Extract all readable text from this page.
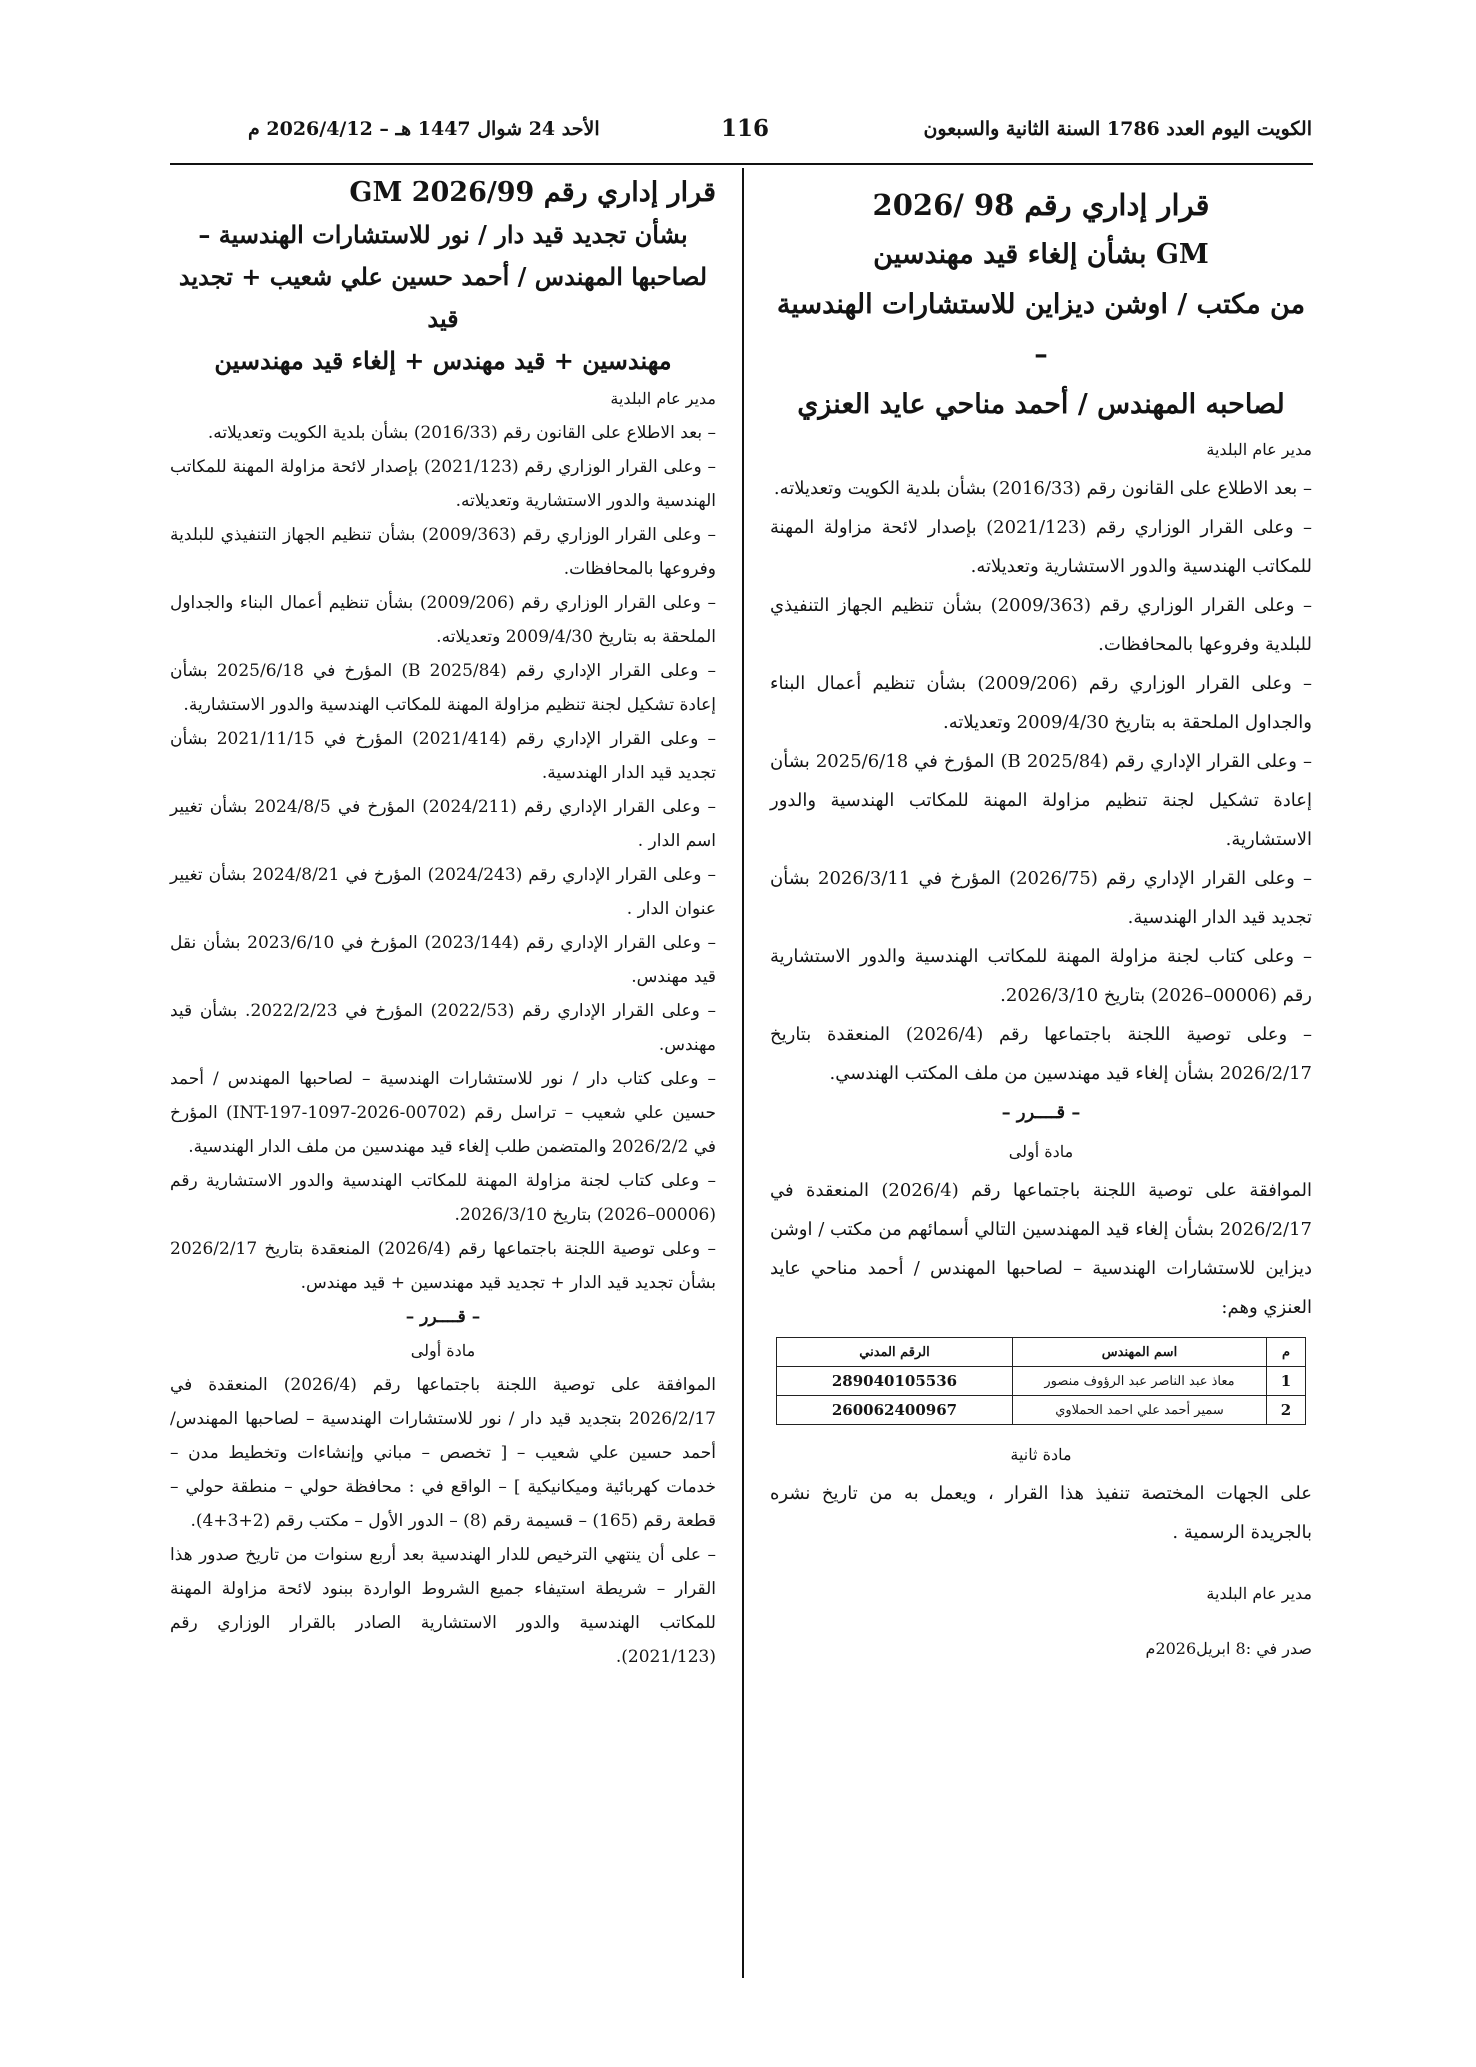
الكويت اليوم العدد 1786 السنة الثانية والسبعون
116
الأحد 24 شوال 1447 هـ – 2026/4/12 م
قرار إداري رقم 98 /2026
GM بشأن إلغاء قيد مهندسين
من مكتب / اوشن ديزاين للاستشارات الهندسية –
لصاحبه المهندس / أحمد مناحي عايد العنزي

مدير عام البلدية

– بعد الاطلاع على القانون رقم (2016/33) بشأن بلدية الكويت وتعديلاته.

– وعلى القرار الوزاري رقم (2021/123) بإصدار لائحة مزاولة المهنة للمكاتب الهندسية والدور الاستشارية وتعديلاته.

– وعلى القرار الوزاري رقم (2009/363) بشأن تنظيم الجهاز التنفيذي للبلدية وفروعها بالمحافظات.

– وعلى القرار الوزاري رقم (2009/206) بشأن تنظيم أعمال البناء والجداول الملحقة به بتاريخ 2009/4/30 وتعديلاته.

– وعلى القرار الإداري رقم (B 2025/84) المؤرخ في 2025/6/18 بشأن إعادة تشكيل لجنة تنظيم مزاولة المهنة للمكاتب الهندسية والدور الاستشارية.

– وعلى القرار الإداري رقم (2026/75) المؤرخ في 2026/3/11 بشأن تجديد قيد الدار الهندسية.

– وعلى كتاب لجنة مزاولة المهنة للمكاتب الهندسية والدور الاستشارية رقم (00006–2026) بتاريخ 2026/3/10.

– وعلى توصية اللجنة باجتماعها رقم (2026/4) المنعقدة بتاريخ 2026/2/17 بشأن إلغاء قيد مهندسين من ملف المكتب الهندسي.

– قــــرر –

مادة أولى

الموافقة على توصية اللجنة باجتماعها رقم (2026/4) المنعقدة في 2026/2/17 بشأن إلغاء قيد المهندسين التالي أسمائهم من مكتب / اوشن ديزاين للاستشارات الهندسية – لصاحبها المهندس / أحمد مناحي عايد العنزي وهم:

م	اسم المهندس	الرقم المدني
1	معاذ عبد الناصر عبد الرؤوف منصور	289040105536
2	سمير أحمد علي احمد الحملاوي	260062400967

مادة ثانية

على الجهات المختصة تنفيذ هذا القرار ، ويعمل به من تاريخ نشره بالجريدة الرسمية .

مدير عام البلدية

صدر في :8 ابريل2026م

قرار إداري رقم GM 2026/99
بشأن تجديد قيد دار / نور للاستشارات الهندسية –
لصاحبها المهندس / أحمد حسين علي شعيب + تجديد قيد
مهندسين + قيد مهندس + إلغاء قيد مهندسين

مدير عام البلدية

– بعد الاطلاع على القانون رقم (2016/33) بشأن بلدية الكويت وتعديلاته.

– وعلى القرار الوزاري رقم (2021/123) بإصدار لائحة مزاولة المهنة للمكاتب الهندسية والدور الاستشارية وتعديلاته.

– وعلى القرار الوزاري رقم (2009/363) بشأن تنظيم الجهاز التنفيذي للبلدية وفروعها بالمحافظات.

– وعلى القرار الوزاري رقم (2009/206) بشأن تنظيم أعمال البناء والجداول الملحقة به بتاريخ 2009/4/30 وتعديلاته.

– وعلى القرار الإداري رقم (B 2025/84) المؤرخ في 2025/6/18 بشأن إعادة تشكيل لجنة تنظيم مزاولة المهنة للمكاتب الهندسية والدور الاستشارية.

– وعلى القرار الإداري رقم (2021/414) المؤرخ في 2021/11/15 بشأن تجديد قيد الدار الهندسية.

– وعلى القرار الإداري رقم (2024/211) المؤرخ في 2024/8/5 بشأن تغيير اسم الدار .

– وعلى القرار الإداري رقم (2024/243) المؤرخ في 2024/8/21 بشأن تغيير عنوان الدار .

– وعلى القرار الإداري رقم (2023/144) المؤرخ في 2023/6/10 بشأن نقل قيد مهندس.

– وعلى القرار الإداري رقم (2022/53) المؤرخ في 2022/2/23. بشأن قيد مهندس.

– وعلى كتاب دار / نور للاستشارات الهندسية – لصاحبها المهندس / أحمد حسين علي شعيب – تراسل رقم (INT-197-1097-2026-00702) المؤرخ في 2026/2/2 والمتضمن طلب إلغاء قيد مهندسين من ملف الدار الهندسية.

– وعلى كتاب لجنة مزاولة المهنة للمكاتب الهندسية والدور الاستشارية رقم (00006–2026) بتاريخ 2026/3/10.

– وعلى توصية اللجنة باجتماعها رقم (2026/4) المنعقدة بتاريخ 2026/2/17 بشأن تجديد قيد الدار + تجديد قيد مهندسين + قيد مهندس.

– قــــرر –

مادة أولى

الموافقة على توصية اللجنة باجتماعها رقم (2026/4) المنعقدة في 2026/2/17 بتجديد قيد دار / نور للاستشارات الهندسية – لصاحبها المهندس/ أحمد حسين علي شعيب – [ تخصص – مباني وإنشاءات وتخطيط مدن – خدمات كهربائية وميكانيكية ] – الواقع في : محافظة حولي – منطقة حولي – قطعة رقم (165) – قسيمة رقم (8) – الدور الأول – مكتب رقم (2+3+4).

– على أن ينتهي الترخيص للدار الهندسية بعد أربع سنوات من تاريخ صدور هذا القرار – شريطة استيفاء جميع الشروط الواردة ببنود لائحة مزاولة المهنة للمكاتب الهندسية والدور الاستشارية الصادر بالقرار الوزاري رقم (2021/123).
